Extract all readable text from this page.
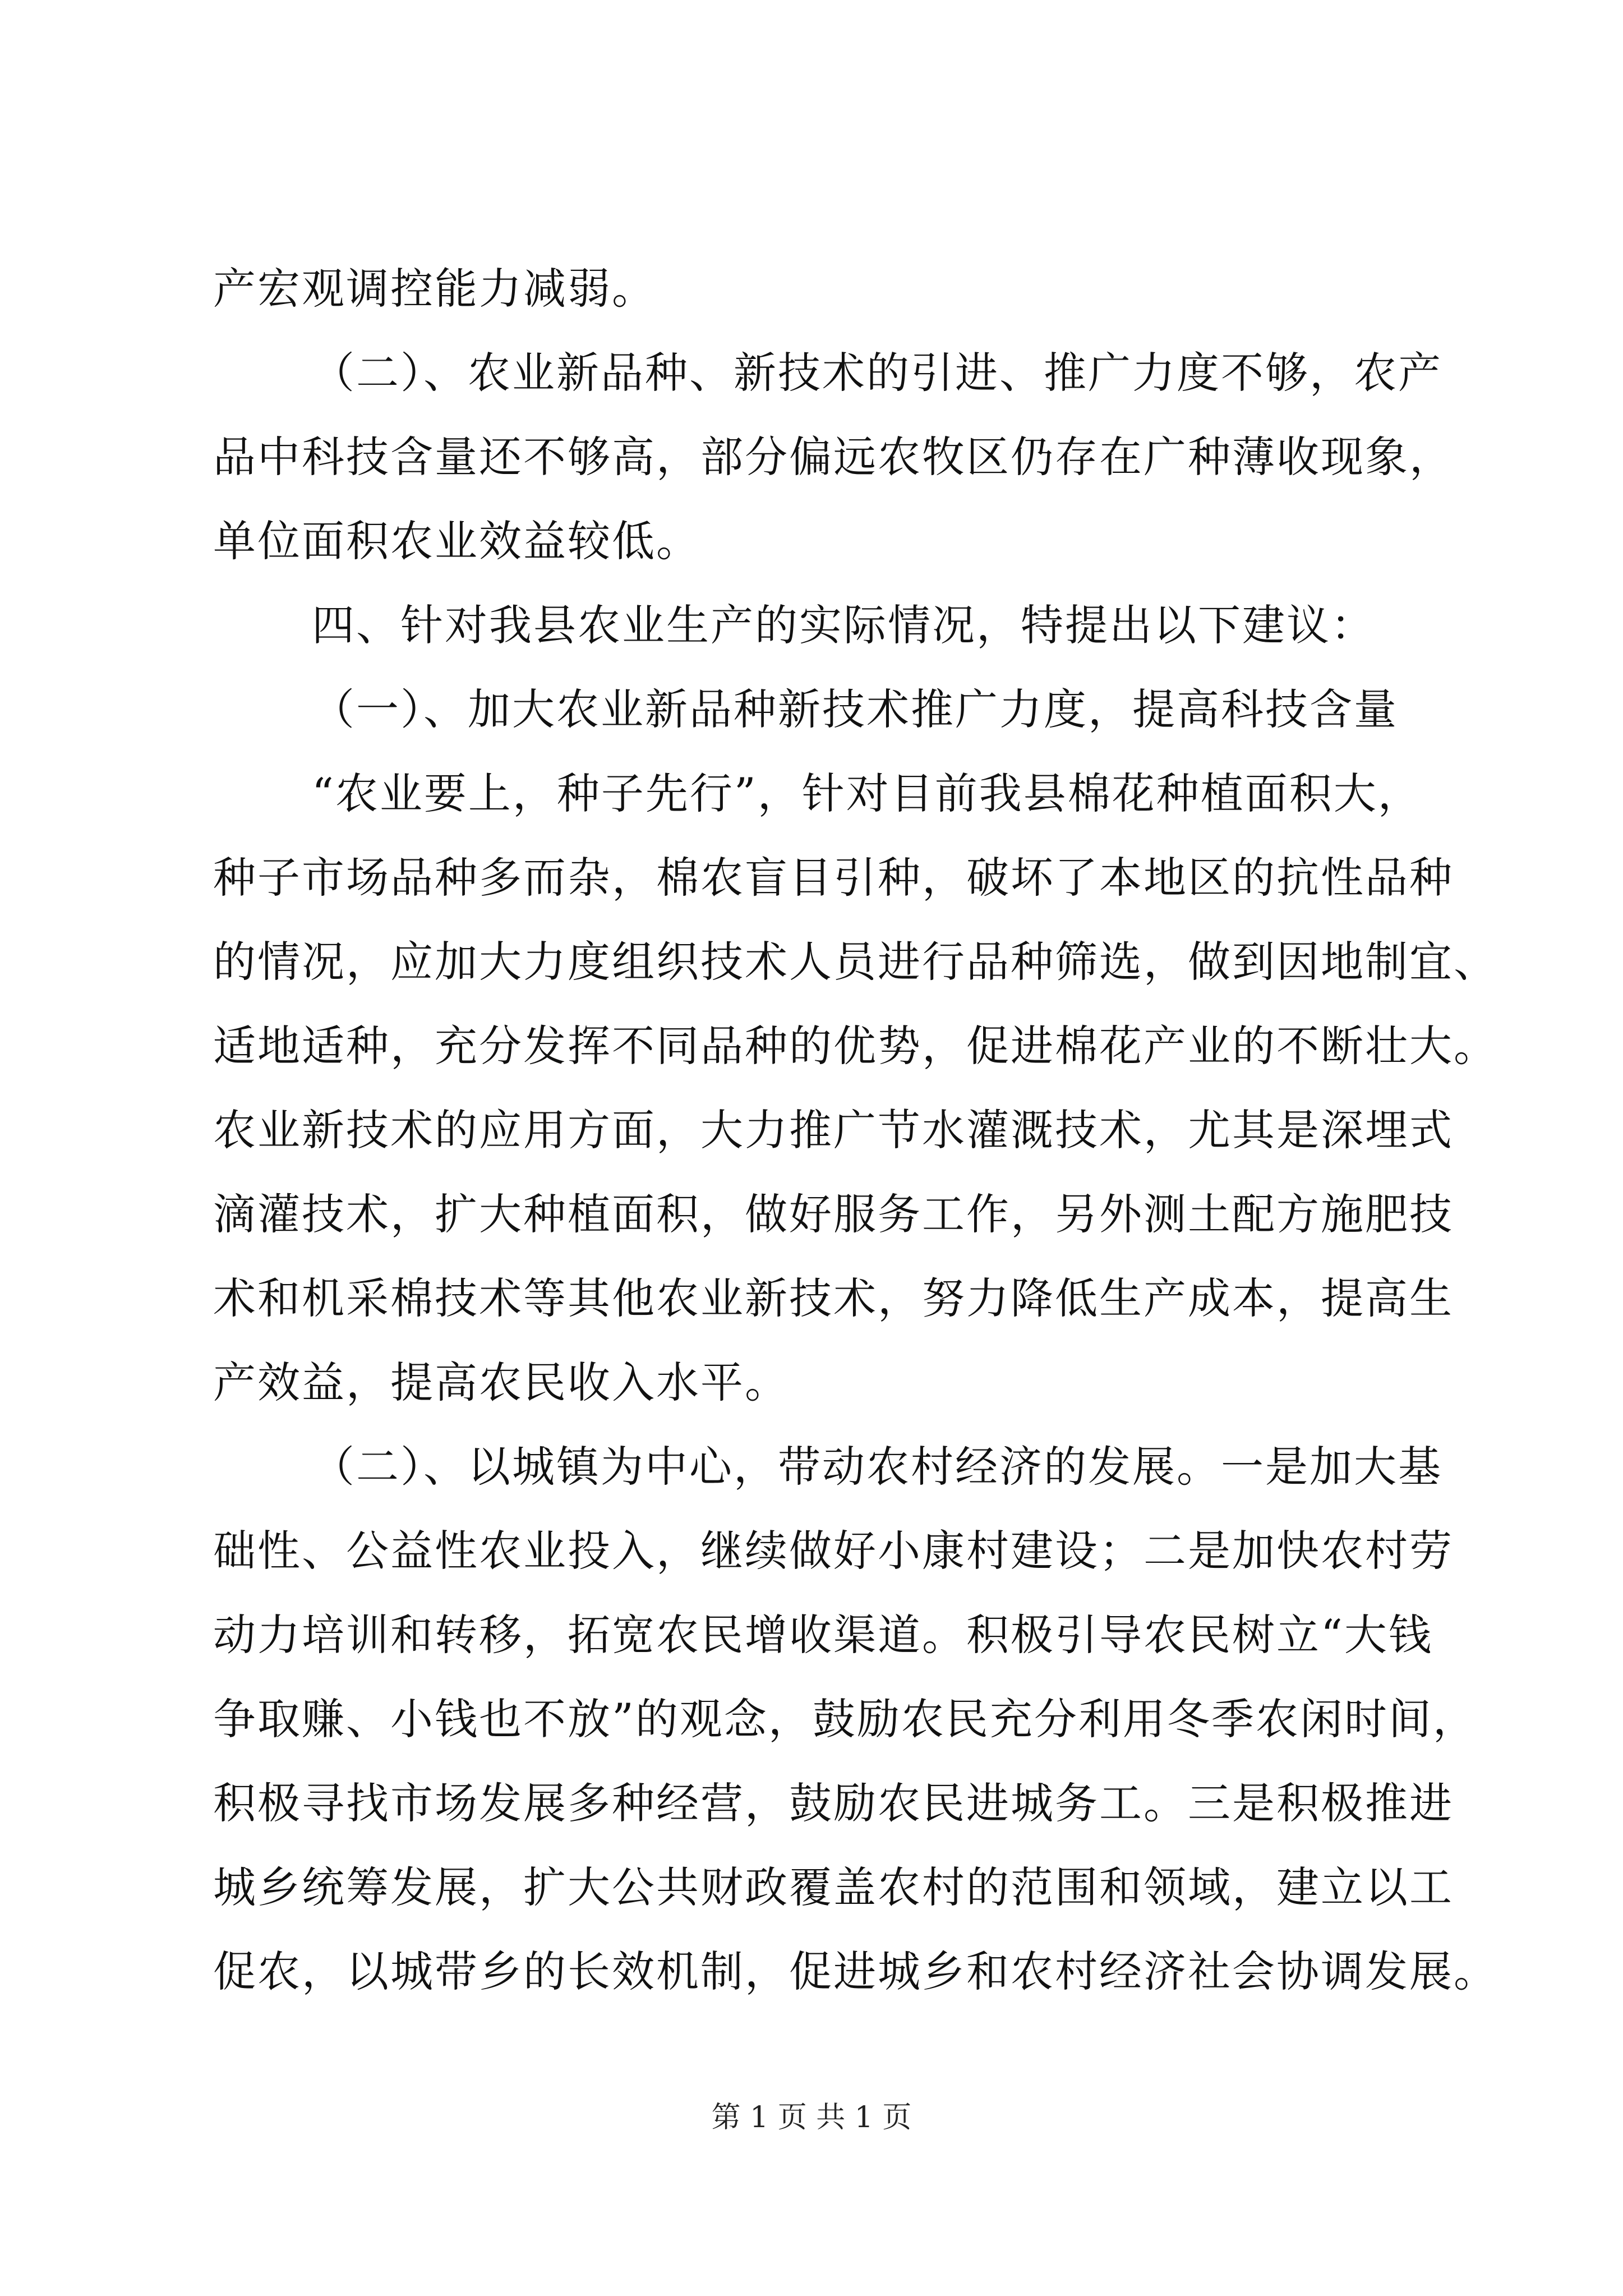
产宏观调控能力减弱。
（二）、农业新品种、新技术的引进、推广力度不够，农产
品中科技含量还不够高，部分偏远农牧区仍存在广种薄收现象，
单位面积农业效益较低。
四、针对我县农业生产的实际情况，特提出以下建议：
（一）、加大农业新品种新技术推广力度，提高科技含量
“农业要上，种子先行”，针对目前我县棉花种植面积大，
种子市场品种多而杂，棉农盲目引种，破坏了本地区的抗性品种
的情况，应加大力度组织技术人员进行品种筛选，做到因地制宜、
适地适种，充分发挥不同品种的优势，促进棉花产业的不断壮大。
农业新技术的应用方面，大力推广节水灌溉技术，尤其是深埋式
滴灌技术，扩大种植面积，做好服务工作，另外测土配方施肥技
术和机采棉技术等其他农业新技术，努力降低生产成本，提高生
产效益，提高农民收入水平。
（二）、以城镇为中心，带动农村经济的发展。一是加大基
础性、公益性农业投入，继续做好小康村建设；二是加快农村劳
动力培训和转移，拓宽农民增收渠道。积极引导农民树立“大钱
争取赚、小钱也不放”的观念，鼓励农民充分利用冬季农闲时间，
积极寻找市场发展多种经营，鼓励农民进城务工。三是积极推进
城乡统筹发展，扩大公共财政覆盖农村的范围和领域，建立以工
促农，以城带乡的长效机制，促进城乡和农村经济社会协调发展。
第 1 页 共 1 页
